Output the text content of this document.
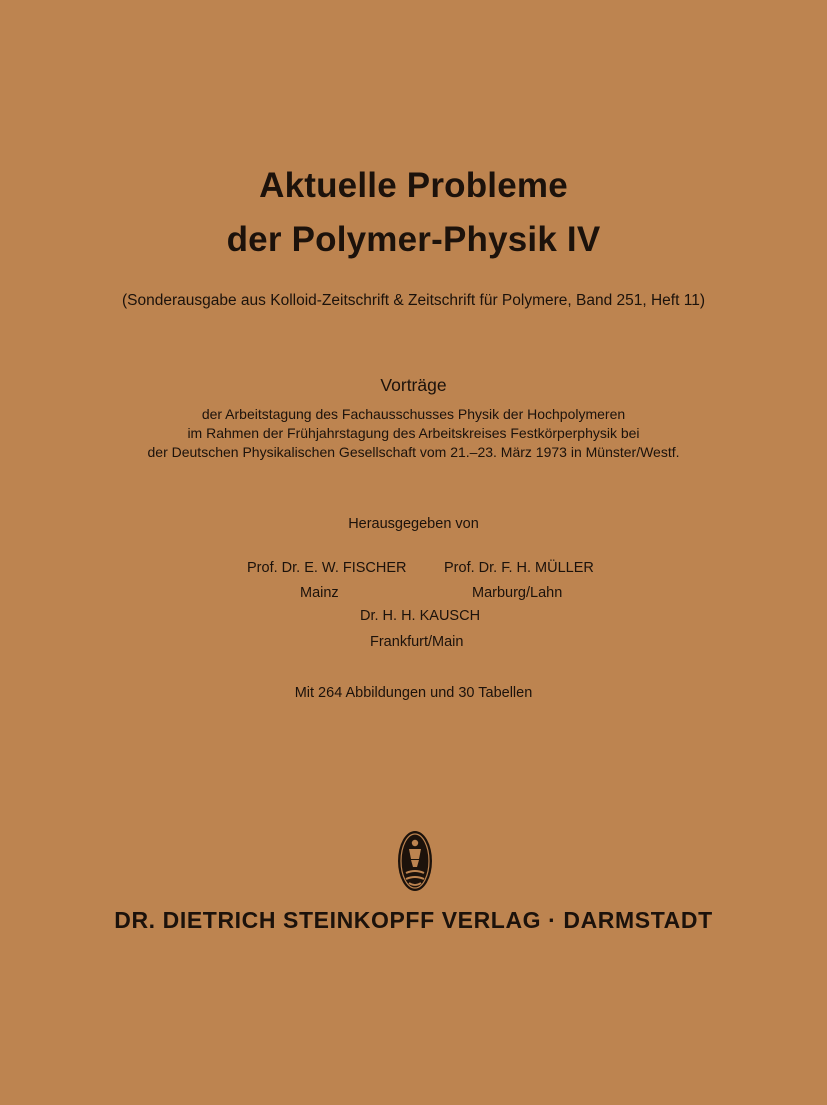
Aktuelle Probleme
der Polymer-Physik IV
(Sonderausgabe aus Kolloid-Zeitschrift & Zeitschrift für Polymere, Band 251, Heft 11)
Vorträge
der Arbeitstagung des Fachausschusses Physik der Hochpolymeren
im Rahmen der Frühjahrstagung des Arbeitskreises Festkörperphysik bei
der Deutschen Physikalischen Gesellschaft vom 21.–23. März 1973 in Münster/Westf.
Herausgegeben von
Prof. Dr. E. W. FISCHER	Prof. Dr. F. H. MÜLLER
Mainz	Marburg/Lahn
Dr. H. H. KAUSCH
Frankfurt/Main
Mit 264 Abbildungen und 30 Tabellen
DR. DIETRICH STEINKOPFF VERLAG · DARMSTADT
